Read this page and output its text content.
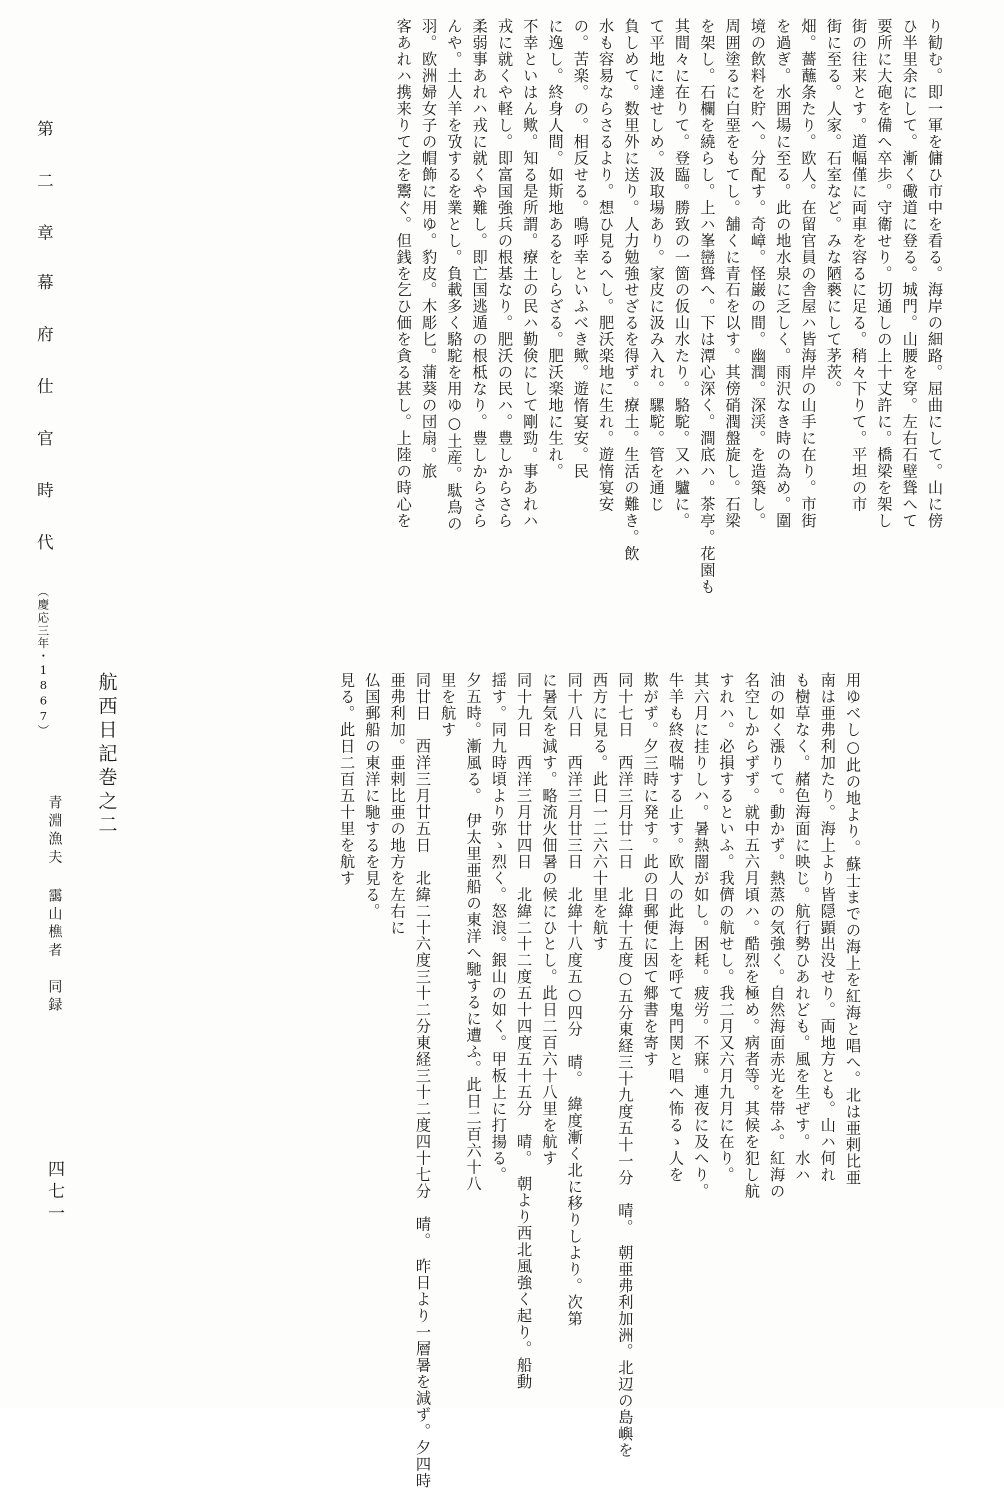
第 二 章　幕 府 仕 官 時 代 （慶応三年・1867）
り勧む。即一軍を傭ひ市中を看る。海岸の細路。屈曲にして。山に傍
ひ半里余にして。漸く礮道に登る。城門。山腰を穿。左右石壁聳へて
要所に大砲を備へ卒歩。守衛せり。切通しの上十丈許に。橋梁を架し
街の往来とす。道幅僅に両車を容るに足る。稍々下りて。平坦の市
街に至る。人家。石室など。みな陋褻にして茅茨。
畑。薔蘸条たり。欧人。在留官員の舎屋ハ皆海岸の山手に在り。市街
を過ぎ。水囲場に至る。此の地水泉に乏しく。雨沢なき時の為め。圍
境の飲料を貯へ。分配す。奇嶂。怪巌の間。幽潤。深渓。を造築し。
周囲塗るに白堊をもてし。舗くに青石を以す。其傍硝潤盤旋し。石梁
を架し。石欄を繞らし。上ハ峯巒聳へ。下は潭心深く。澗底ハ。茶亭。花園も
其間々に在りて。登臨。勝致の一箇の仮山水たり。駱駝。又ハ驢に。
て平地に達せしめ。汲取場あり。家皮に汲み入れ。騾駝。管を通じ
負しめて。数里外に送り。人力勉強せざるを得ず。療土。生活の難き。飲
水も容易ならさるより。想ひ見るへし。肥沃楽地に生れ。遊惰宴安
の。苦楽。の。相反せる。鳴呼幸といふべき歟。遊惰宴安。民
に逸し。終身人間。如斯地あるをしらざる。肥沃楽地に生れ。
不幸といはん歟。知る是所謂。療土の民ハ勤倹にして剛勁。事あれハ
戎に就くや軽し。即富国強兵の根基なり。肥沃の民ハ。豊しからさら
柔弱事あれハ戎に就くや難し。即亡国逃遁の根柢なり。豊しからさら
んや。土人羊を攷するを業とし。負載多く駱駝を用ゆ○土産。駄鳥の
羽。欧洲婦女子の帽飾に用ゆ。豹皮。木彫匕。蒲葵の団扇。旅
客あれハ携来りて之を鬻ぐ。但銭を乞ひ価を貪る甚し。上陸の時心を
航西日記巻之二
青淵漁夫 靄山樵者　同録	用ゆべし○此の地より。蘇士までの海上を紅海と唱へ。北は亜剌比亜
南は亜弗利加たり。海上より皆隠顕出没せり。両地方とも。山ハ何れ
も樹草なく。赭色海面に映じ。航行勢ひあれども。風を生ぜす。水ハ
油の如く漲りて。動かず。熱蒸の気強く。自然海面赤光を帯ふ。紅海の
名空しからずず。就中五六月頃ハ。酷烈を極め。病者等。其候を犯し航
すれハ。必損するといふ。我儕の航せし。我二月又六月九月に在り。
其六月に挂りしハ。暑熱闇が如し。困耗。疲労。不寐。連夜に及へり。
牛羊も終夜喘する止す。欧人の此海上を呼て鬼門関と唱へ怖るゝ人を
欺がず。夕三時に発す。此の日郵便に因て郷書を寄す
同十七日　西洋三月廿二日　北緯十五度○五分東経三十九度五十一分　晴。　朝亜弗利加洲。北辺の島嶼を
西方に見る。此日一二六六十里を航す
同十八日　西洋三月廿三日　北緯十八度五○四分　晴。　緯度漸く北に移りしより。次第
に暑気を減す。略流火佃暑の候にひとし。此日二百六十八里を航す
同十九日　西洋三月廿四日　北緯二十二度五十四度五十五分　晴。　朝より西北風強く起り。船動
揺す。同九時頃より弥ゝ烈く。怒浪。銀山の如く。甲板上に打揚る。
夕五時。漸風る。　伊太里亜船の東洋へ馳するに遭ふ。此日二百六十八
里を航す
同廿日　西洋三月廿五日　北緯二十六度三十二分東経三十二度四十七分　晴。　昨日より一層暑を減ず。夕四時
亜弗利加。亜剌比亜の地方を左右に
仏国郵船の東洋に馳するを見る。
見る。此日二百五十里を航す
四七一
